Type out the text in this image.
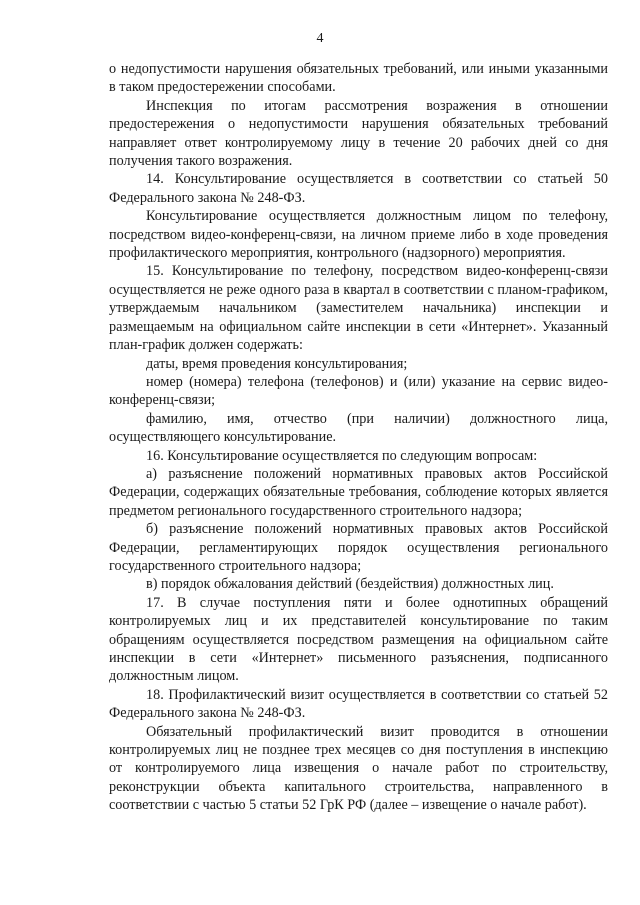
4

о недопустимости нарушения обязательных требований, или иными указанными в таком предостережении способами.

Инспекция по итогам рассмотрения возражения в отношении предостережения о недопустимости нарушения обязательных требований направляет ответ контролируемому лицу в течение 20 рабочих дней со дня получения такого возражения.

14. Консультирование осуществляется в соответствии со статьей 50 Федерального закона № 248-ФЗ.

Консультирование осуществляется должностным лицом по телефону, посредством видео-конференц-связи, на личном приеме либо в ходе проведения профилактического мероприятия, контрольного (надзорного) мероприятия.

15. Консультирование по телефону, посредством видео-конференц-связи осуществляется не реже одного раза в квартал в соответствии с планом-графиком, утверждаемым начальником (заместителем начальника) инспекции и размещаемым на официальном сайте инспекции в сети «Интернет». Указанный план-график должен содержать:

даты, время проведения консультирования;

номер (номера) телефона (телефонов) и (или) указание на сервис видео-конференц-связи;

фамилию, имя, отчество (при наличии) должностного лица, осуществляющего консультирование.

16. Консультирование осуществляется по следующим вопросам:

а) разъяснение положений нормативных правовых актов Российской Федерации, содержащих обязательные требования, соблюдение которых является предметом регионального государственного строительного надзора;

б) разъяснение положений нормативных правовых актов Российской Федерации, регламентирующих порядок осуществления регионального государственного строительного надзора;

в) порядок обжалования действий (бездействия) должностных лиц.

17. В случае поступления пяти и более однотипных обращений контролируемых лиц и их представителей консультирование по таким обращениям осуществляется посредством размещения на официальном сайте инспекции в сети «Интернет» письменного разъяснения, подписанного должностным лицом.

18. Профилактический визит осуществляется в соответствии со статьей 52 Федерального закона № 248-ФЗ.

Обязательный профилактический визит проводится в отношении контролируемых лиц не позднее трех месяцев со дня поступления в инспекцию от контролируемого лица извещения о начале работ по строительству, реконструкции объекта капитального строительства, направленного в соответствии с частью 5 статьи 52 ГрК РФ (далее – извещение о начале работ).
